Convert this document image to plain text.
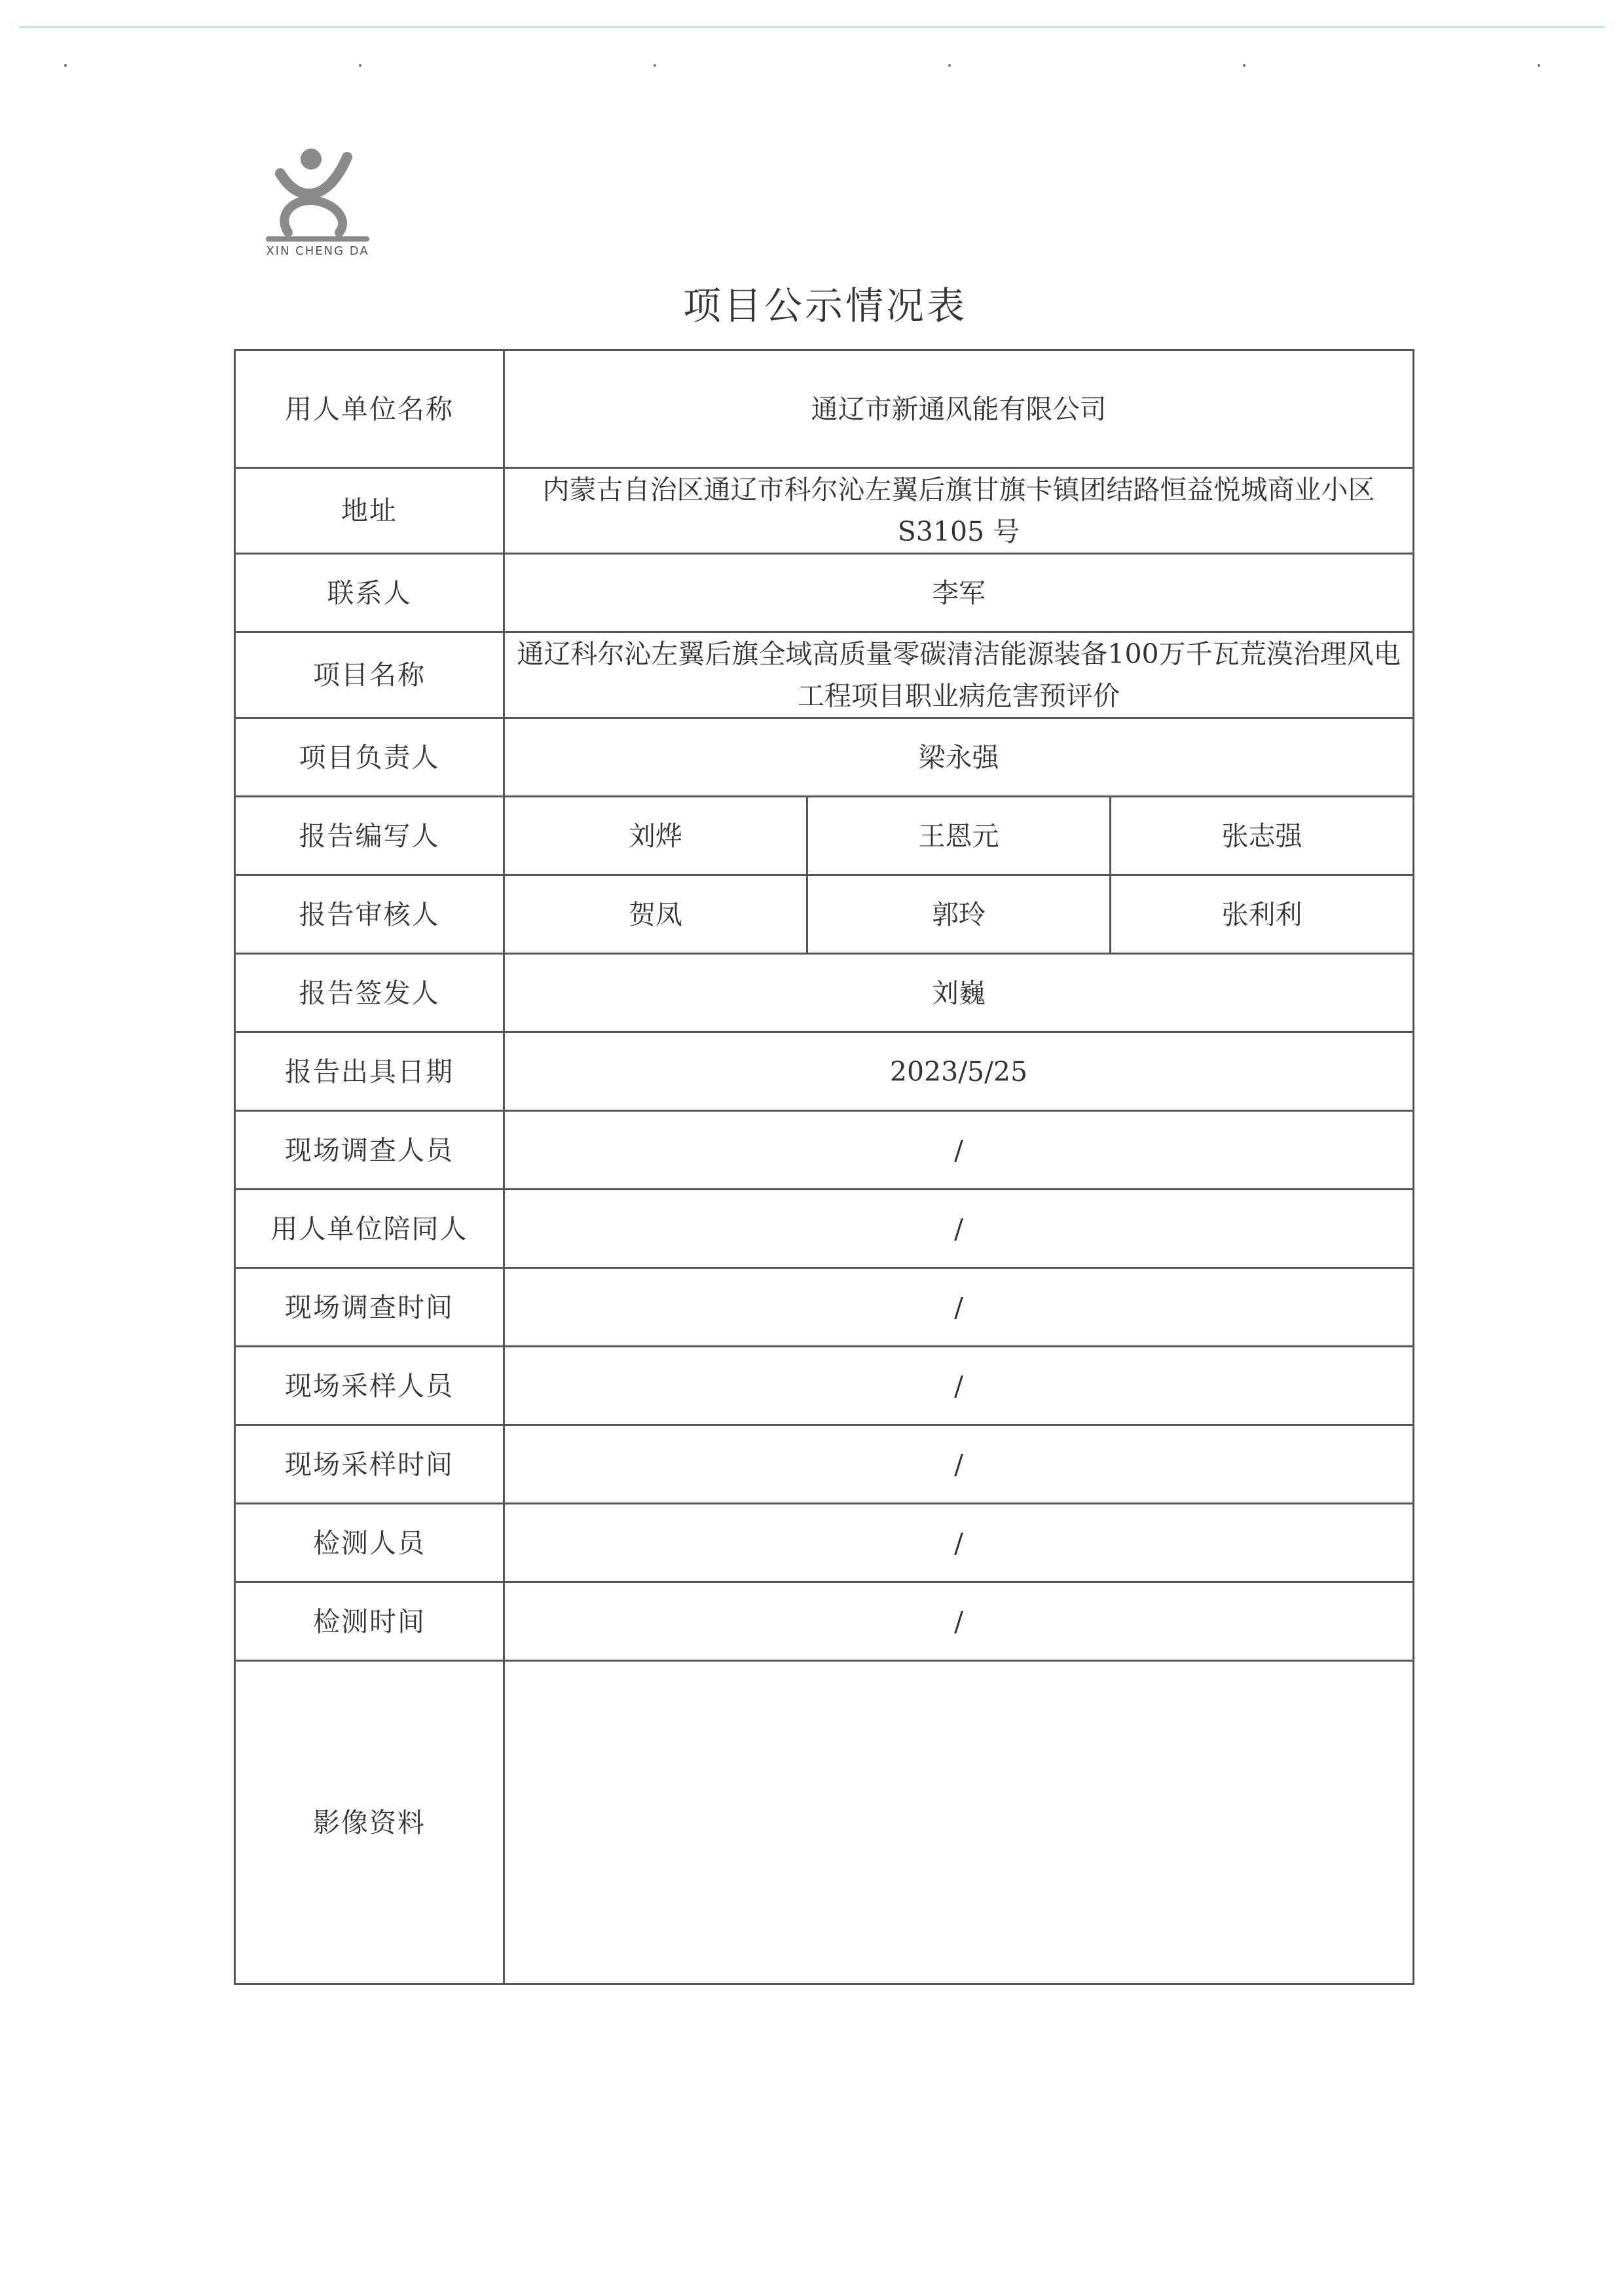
XIN CHENG DA
项目公示情况表
用人单位名称	通辽市新通风能有限公司		
地址	内蒙古自治区通辽市科尔沁左翼后旗甘旗卡镇团结路恒益悦城商业小区 S3105 号		
联系人	李军		
项目名称	通辽科尔沁左翼后旗全域高质量零碳清洁能源装备100万千瓦荒漠治理风电工程项目职业病危害预评价		
项目负责人	梁永强		
报告编写人	刘烨	王恩元	张志强
报告审核人	贺凤	郭玲	张利利
报告签发人	刘巍		
报告出具日期	2023/5/25		
现场调查人员	/		
用人单位陪同人	/		
现场调查时间	/		
现场采样人员	/		
现场采样时间	/		
检测人员	/		
检测时间	/		
影像资料			
